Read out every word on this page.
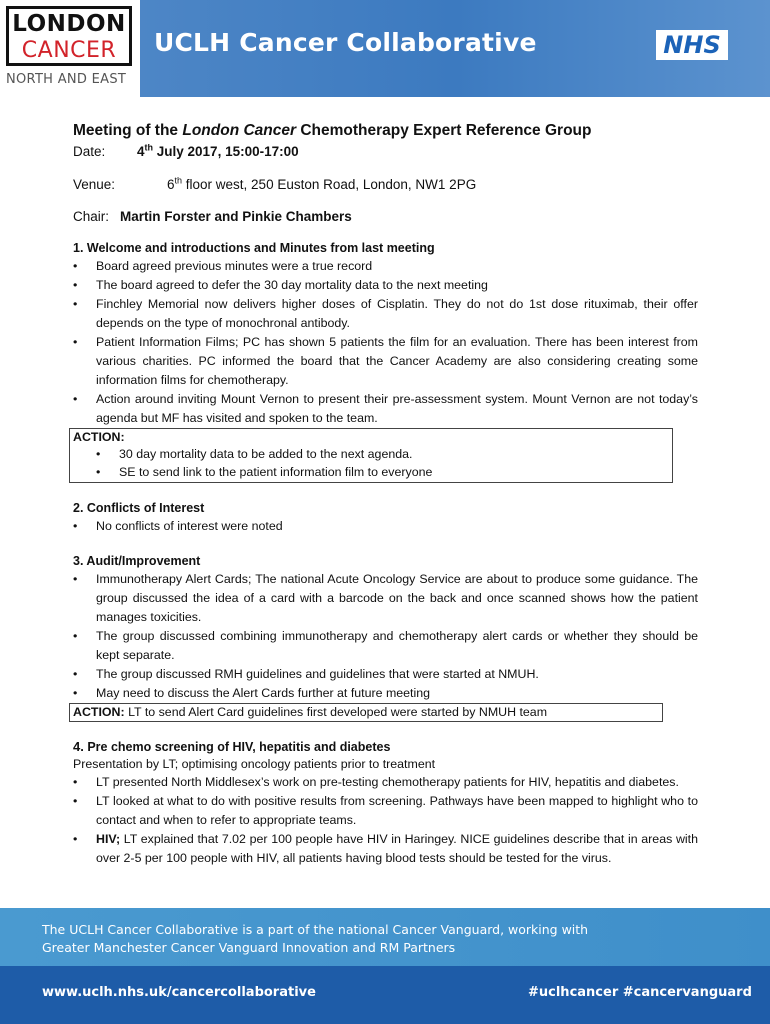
LONDON
CANCER
NORTH AND EAST
UCLH Cancer Collaborative	NHS

Meeting of the London Cancer Chemotherapy Expert Reference Group

Date: 4th July 2017, 15:00-17:00
Venue:	6th floor west, 250 Euston Road, London, NW1 2PG
Chair: Martin Forster and Pinkie Chambers
1. Welcome and introductions and Minutes from last meeting
• Board agreed previous minutes were a true record
• The board agreed to defer the 30 day mortality data to the next meeting
• Finchley Memorial now delivers higher doses of Cisplatin. They do not do 1st dose rituximab, their offer depends on the type of monochronal antibody.
• Patient Information Films; PC has shown 5 patients the film for an evaluation. There has been interest from various charities. PC informed the board that the Cancer Academy are also considering creating some information films for chemotherapy.
• Action around inviting Mount Vernon to present their pre-assessment system. Mount Vernon are not today’s agenda but MF has visited and spoken to the team.
ACTION:
• 30 day mortality data to be added to the next agenda.
• SE to send link to the patient information film to everyone
2. Conflicts of Interest
• No conflicts of interest were noted
3. Audit/Improvement
• Immunotherapy Alert Cards; The national Acute Oncology Service are about to produce some guidance. The group discussed the idea of a card with a barcode on the back and once scanned shows how the patient manages toxicities.
• The group discussed combining immunotherapy and chemotherapy alert cards or whether they should be kept separate.
• The group discussed RMH guidelines and guidelines that were started at NMUH.
• May need to discuss the Alert Cards further at future meeting
ACTION: LT to send Alert Card guidelines first developed were started by NMUH team
4. Pre chemo screening of HIV, hepatitis and diabetes
Presentation by LT; optimising oncology patients prior to treatment
• LT presented North Middlesex’s work on pre-testing chemotherapy patients for HIV, hepatitis and diabetes.
• LT looked at what to do with positive results from screening. Pathways have been mapped to highlight who to contact and when to refer to appropriate teams.
• HIV; LT explained that 7.02 per 100 people have HIV in Haringey. NICE guidelines describe that in areas with over 2-5 per 100 people with HIV, all patients having blood tests should be tested for the virus.
The UCLH Cancer Collaborative is a part of the national Cancer Vanguard, working with
Greater Manchester Cancer Vanguard Innovation and RM Partners
www.uclh.nhs.uk/cancercollaborative	#uclhcancer #cancervanguard
